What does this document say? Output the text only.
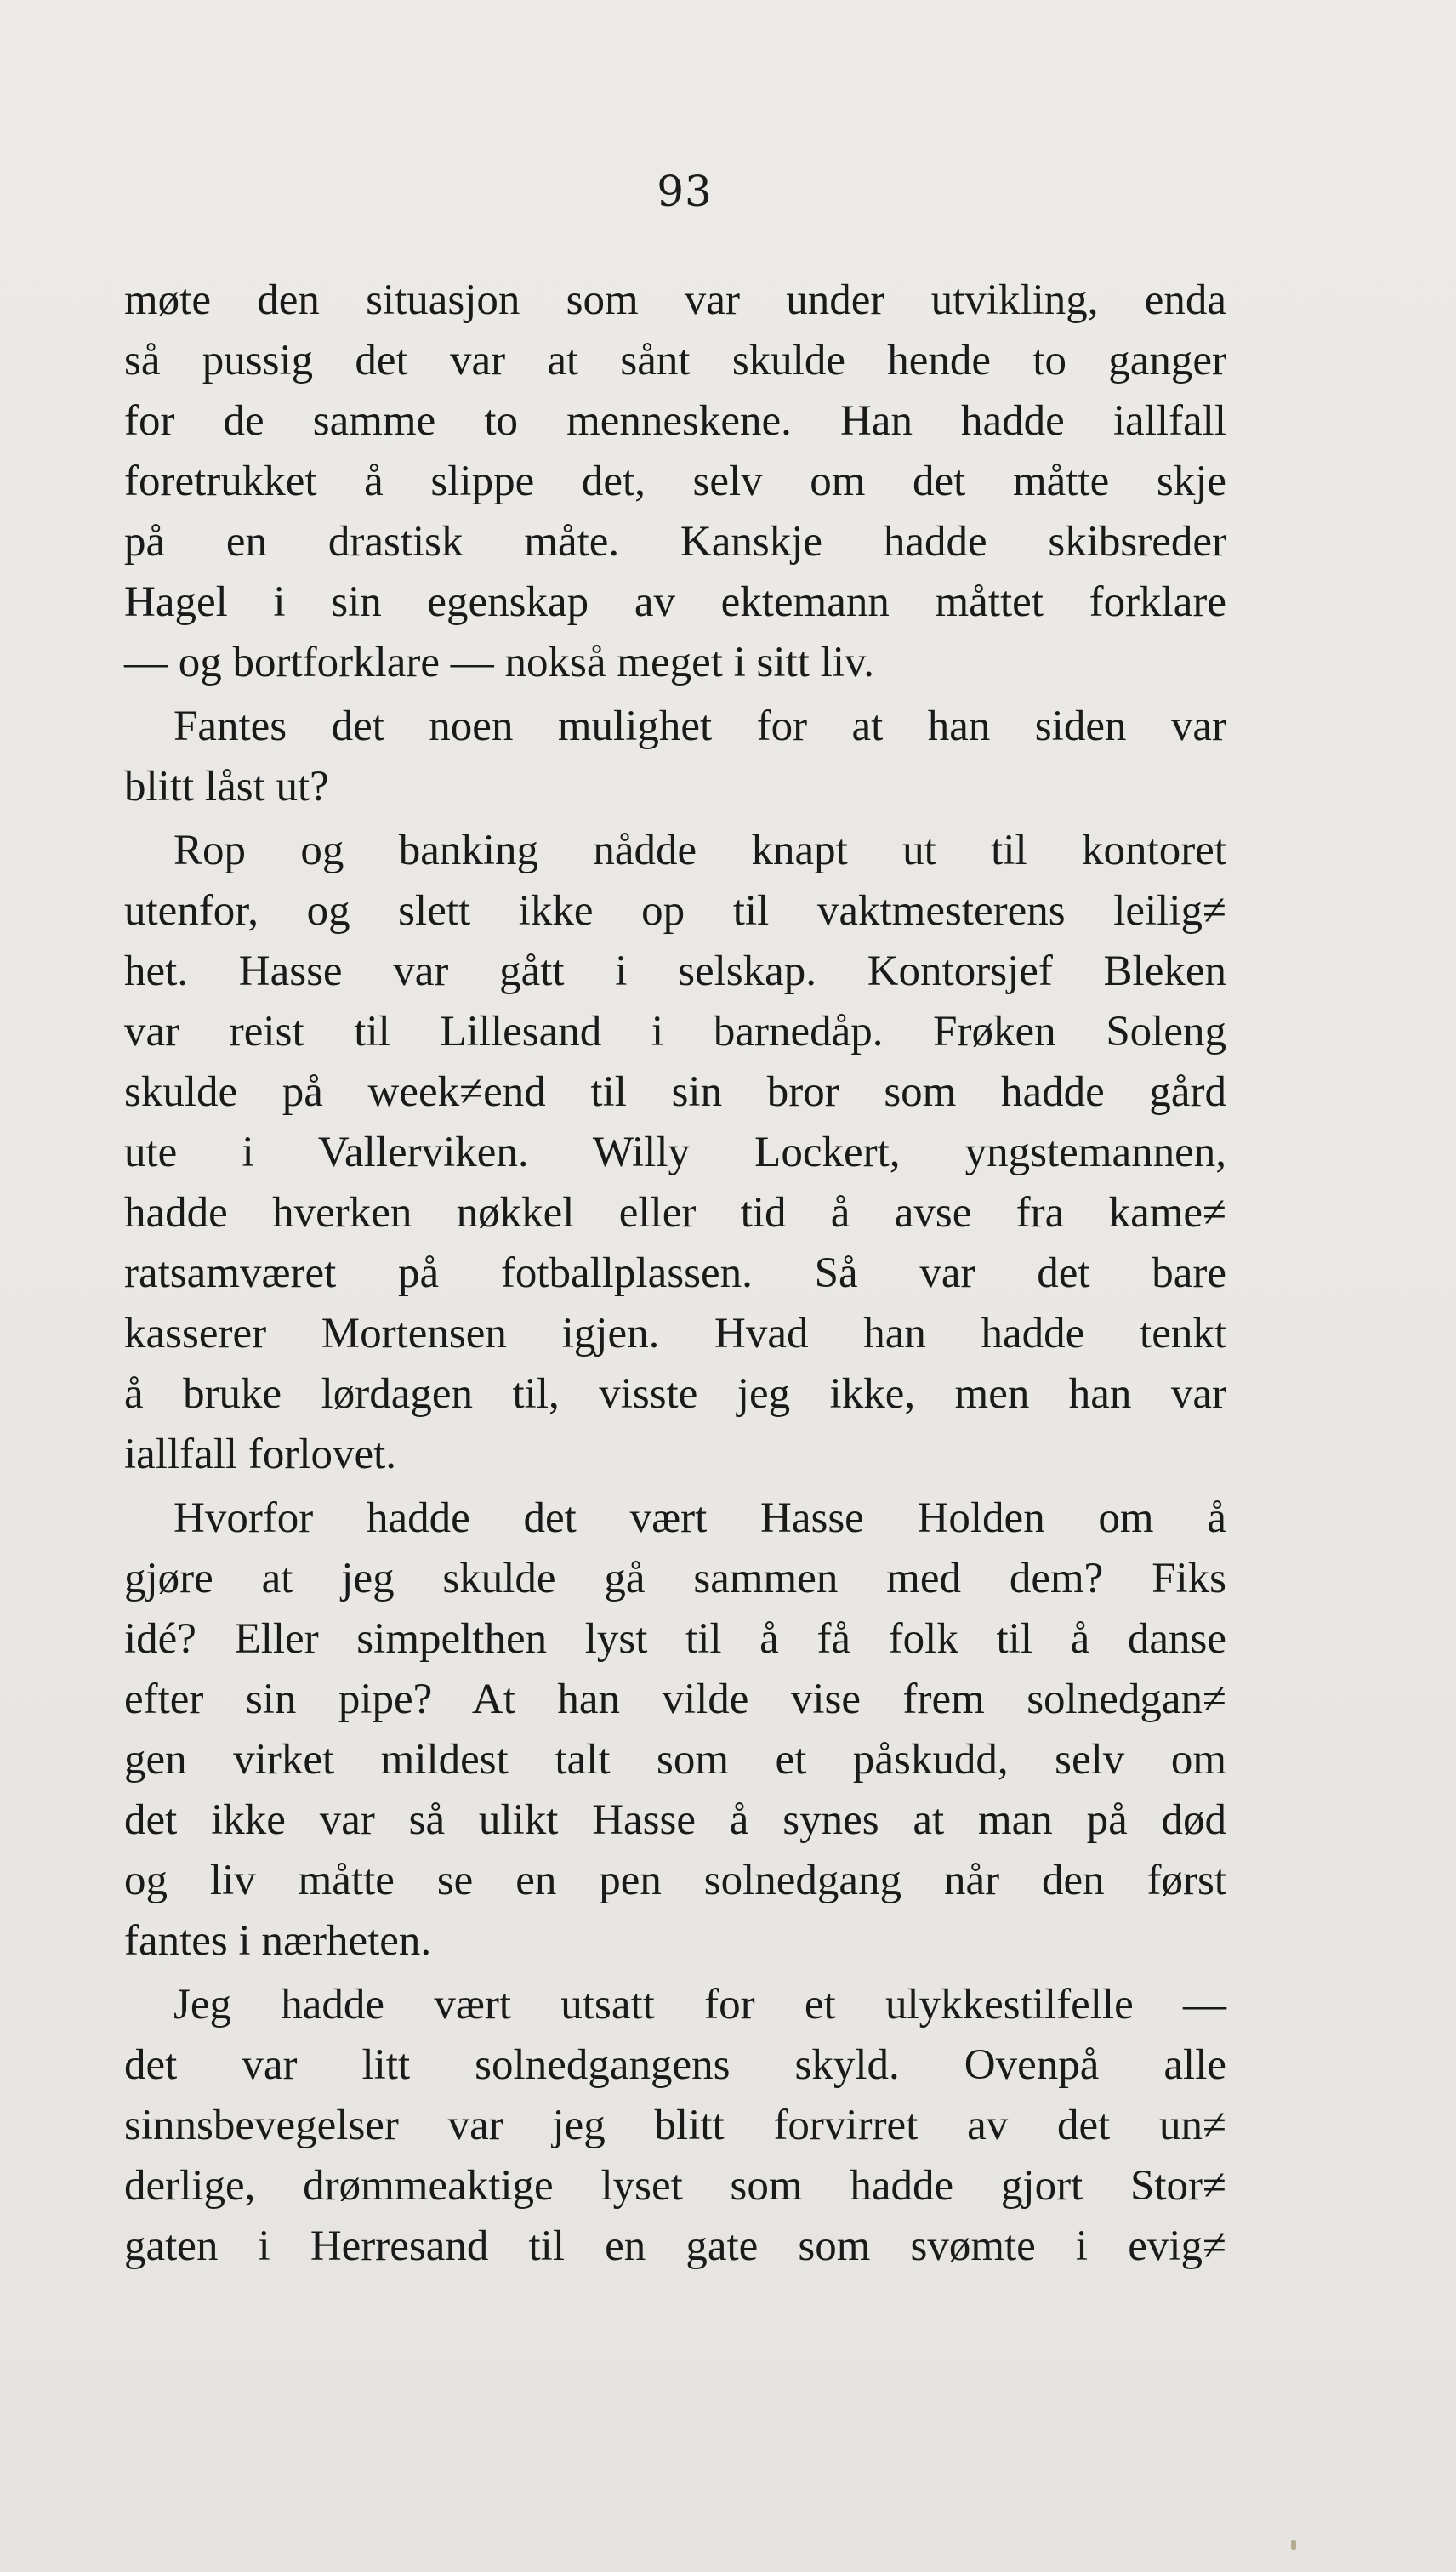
93
møte den situasjon som var under utvikling, enda
så pussig det var at sånt skulde hende to ganger
for de samme to menneskene. Han hadde iallfall
foretrukket å slippe det, selv om det måtte skje
på en drastisk måte. Kanskje hadde skibsreder
Hagel i sin egenskap av ektemann måttet forklare
— og bortforklare — nokså meget i sitt liv.
Fantes det noen mulighet for at han siden var
blitt låst ut?
Rop og banking nådde knapt ut til kontoret
utenfor, og slett ikke op til vaktmesterens leilig≠
het. Hasse var gått i selskap. Kontorsjef Bleken
var reist til Lillesand i barnedåp. Frøken Soleng
skulde på week≠end til sin bror som hadde gård
ute i Vallerviken. Willy Lockert, yngstemannen,
hadde hverken nøkkel eller tid å avse fra kame≠
ratsamværet på fotballplassen. Så var det bare
kasserer Mortensen igjen. Hvad han hadde tenkt
å bruke lørdagen til, visste jeg ikke, men han var
iallfall forlovet.
Hvorfor hadde det vært Hasse Holden om å
gjøre at jeg skulde gå sammen med dem? Fiks
idé? Eller simpelthen lyst til å få folk til å danse
efter sin pipe? At han vilde vise frem solnedgan≠
gen virket mildest talt som et påskudd, selv om
det ikke var så ulikt Hasse å synes at man på død
og liv måtte se en pen solnedgang når den først
fantes i nærheten.
Jeg hadde vært utsatt for et ulykkestilfelle —
det var litt solnedgangens skyld. Ovenpå alle
sinnsbevegelser var jeg blitt forvirret av det un≠
derlige, drømmeaktige lyset som hadde gjort Stor≠
gaten i Herresand til en gate som svømte i evig≠
